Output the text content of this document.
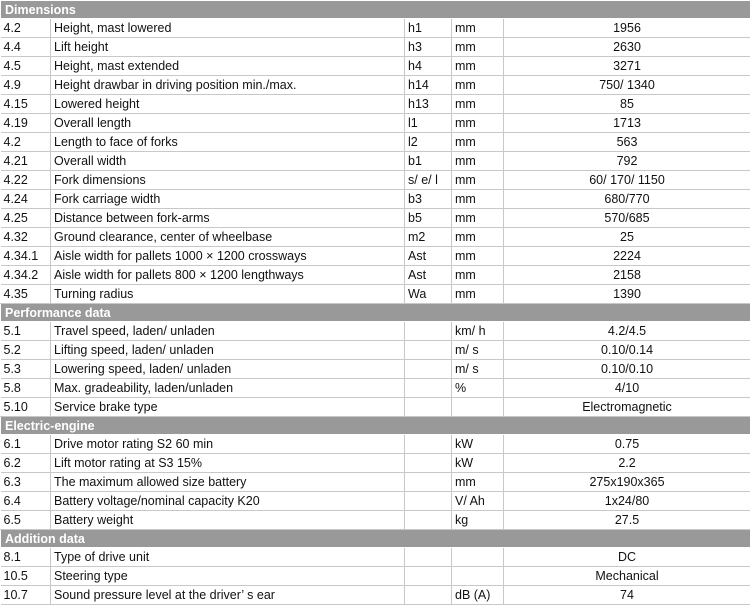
Dimensions				
4.2	Height, mast lowered	h1	mm	1956
4.4	Lift height	h3	mm	2630
4.5	Height, mast extended	h4	mm	3271
4.9	Height drawbar in driving position min./max.	h14	mm	750/ 1340
4.15	Lowered height	h13	mm	85
4.19	Overall length	l1	mm	1713
4.2	Length to face of forks	l2	mm	563
4.21	Overall width	b1	mm	792
4.22	Fork dimensions	s/ e/ l	mm	60/ 170/ 1150
4.24	Fork carriage width	b3	mm	680/770
4.25	Distance between fork-arms	b5	mm	570/685
4.32	Ground clearance, center of wheelbase	m2	mm	25
4.34.1	Aisle width for pallets 1000 × 1200 crossways	Ast	mm	2224
4.34.2	Aisle width for pallets 800 × 1200 lengthways	Ast	mm	2158
4.35	Turning radius	Wa	mm	1390
Performance data				
5.1	Travel speed, laden/ unladen		km/ h	4.2/4.5
5.2	Lifting speed, laden/ unladen		m/ s	0.10/0.14
5.3	Lowering speed, laden/ unladen		m/ s	0.10/0.10
5.8	Max. gradeability, laden/unladen		%	4/10
5.10	Service brake type			Electromagnetic
Electric-engine				
6.1	Drive motor rating S2 60 min		kW	0.75
6.2	Lift motor rating at S3 15%		kW	2.2
6.3	The maximum allowed size battery		mm	275x190x365
6.4	Battery voltage/nominal capacity K20		V/ Ah	1x24/80
6.5	Battery weight		kg	27.5
Addition data				
8.1	Type of drive unit			DC
10.5	Steering type			Mechanical
10.7	Sound pressure level at the driver’ s ear		dB (A)	74
